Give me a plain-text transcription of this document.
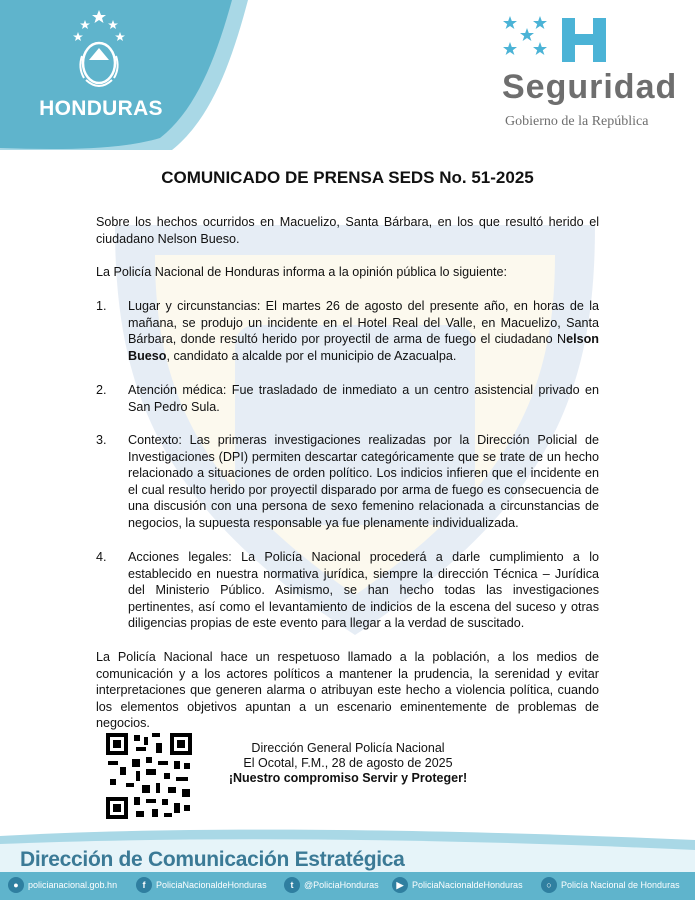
HONDURAS
Seguridad
Gobierno de la República
COMUNICADO DE PRENSA SEDS No. 51-2025
Sobre los hechos ocurridos en Macuelizo, Santa Bárbara, en los que resultó herido el ciudadano Nelson Bueso.
La Policía Nacional de Honduras informa a la opinión pública lo siguiente:
1. Lugar y circunstancias: El martes 26 de agosto del presente año, en horas de la mañana, se produjo un incidente en el Hotel Real del Valle, en Macuelizo, Santa Bárbara, donde resultó herido por proyectil de arma de fuego el ciudadano Nelson Bueso, candidato a alcalde por el municipio de Azacualpa.
2. Atención médica: Fue trasladado de inmediato a un centro asistencial privado en San Pedro Sula.
3. Contexto: Las primeras investigaciones realizadas por la Dirección Policial de Investigaciones (DPI) permiten descartar categóricamente que se trate de un hecho relacionado a situaciones de orden político. Los indicios infieren que el incidente en el cual resulto herido por proyectil disparado por arma de fuego es consecuencia de una discusión con una persona de sexo femenino relacionada a circunstancias de negocios, la supuesta responsable ya fue plenamente individualizada.
4. Acciones legales: La Policía Nacional procederá a darle cumplimiento a lo establecido en nuestra normativa jurídica, siempre la dirección Técnica – Jurídica del Ministerio Público. Asimismo, se han hecho todas las investigaciones pertinentes, así como el levantamiento de indicios de la escena del suceso y otras diligencias propias de este evento para llegar a la verdad de suscitado.
La Policía Nacional hace un respetuoso llamado a la población, a los medios de comunicación y a los actores políticos a mantener la prudencia, la serenidad y evitar interpretaciones que generen alarma o atribuyan este hecho a violencia política, cuando los elementos objetivos apuntan a un escenario eminentemente de problemas de negocios.
Dirección General Policía Nacional
El Ocotal, F.M., 28 de agosto de 2025
¡Nuestro compromiso Servir y Proteger!
Dirección de Comunicación Estratégica
●	policianacional.gob.hn	f	PoliciaNacionaldeHonduras	t	@PoliciaHonduras	▶ PoliciaNacionaldeHonduras	○	Policía Nacional de Honduras
